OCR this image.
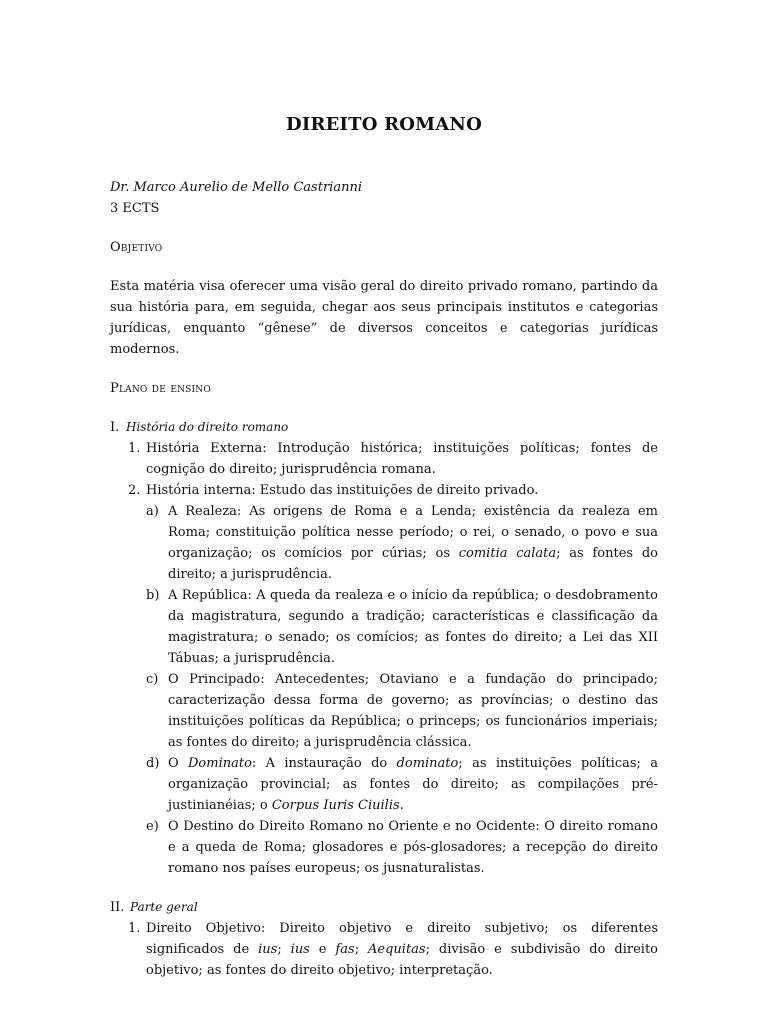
DIREITO ROMANO
Dr. Marco Aurelio de Mello Castrianni
3 ECTS
Objetivo
Esta matéria visa oferecer uma visão geral do direito privado romano, partindo da sua história para, em seguida, chegar aos seus principais institutos e categorias jurídicas, enquanto “gênese” de diversos conceitos e categorias jurídicas modernos.
Plano de ensino
I. História do direito romano
1. História Externa: Introdução histórica; instituições políticas; fontes de cognição do direito; jurisprudência romana.
2. História interna: Estudo das instituições de direito privado.
a) A Realeza: As origens de Roma e a Lenda; existência da realeza em Roma; constituição política nesse período; o rei, o senado, o povo e sua organização; os comícios por cúrias; os comitia calata; as fontes do direito; a jurisprudência.
b) A República: A queda da realeza e o início da república; o desdobramento da magistratura, segundo a tradição; características e classificação da magistratura; o senado; os comícios; as fontes do direito; a Lei das XII Tábuas; a jurisprudência.
c) O Principado: Antecedentes; Otaviano e a fundação do principado; caracterização dessa forma de governo; as províncias; o destino das instituições políticas da República; o princeps; os funcionários imperiais; as fontes do direito; a jurisprudência clássica.
d) O Dominato: A instauração do dominato; as instituições políticas; a organização provincial; as fontes do direito; as compilações pré-justinianéias; o Corpus Iuris Ciuilis.
e) O Destino do Direito Romano no Oriente e no Ocidente: O direito romano e a queda de Roma; glosadores e pós-glosadores; a recepção do direito romano nos países europeus; os jusnaturalistas.
II. Parte geral
1. Direito Objetivo: Direito objetivo e direito subjetivo; os diferentes significados de ius; ius e fas; Aequitas; divisão e subdivisão do direito objetivo; as fontes do direito objetivo; interpretação.
